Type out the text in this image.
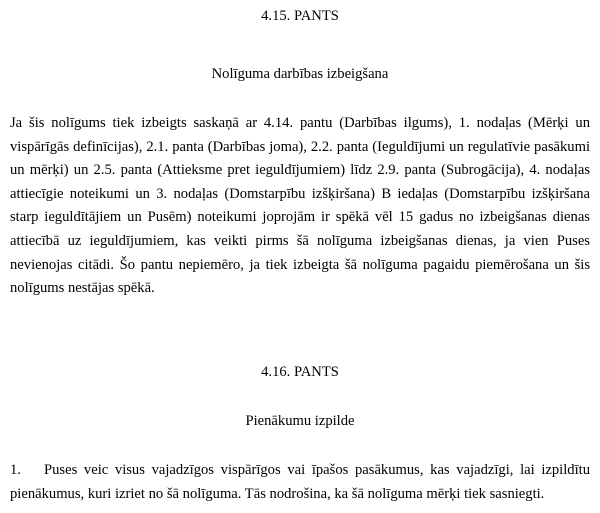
4.15. PANTS
Nolīguma darbības izbeigšana
Ja šis nolīgums tiek izbeigts saskaņā ar 4.14. pantu (Darbības ilgums), 1. nodaļas (Mērķi un vispārīgās definīcijas), 2.1. panta (Darbības joma), 2.2. panta (Ieguldījumi un regulatīvie pasākumi un mērķi) un 2.5. panta (Attieksme pret ieguldījumiem) līdz 2.9. panta (Subrogācija), 4. nodaļas attiecīgie noteikumi un 3. nodaļas (Domstarpību izšķiršana) B iedaļas (Domstarpību izšķiršana starp ieguldītājiem un Pusēm) noteikumi joprojām ir spēkā vēl 15 gadus no izbeigšanas dienas attiecībā uz ieguldījumiem, kas veikti pirms šā nolīguma izbeigšanas dienas, ja vien Puses nevienojas citādi. Šo pantu nepiemēro, ja tiek izbeigta šā nolīguma pagaidu piemērošana un šis nolīgums nestājas spēkā.
4.16. PANTS
Pienākumu izpilde
1.	Puses veic visus vajadzīgos vispārīgos vai īpašos pasākumus, kas vajadzīgi, lai izpildītu pienākumus, kuri izriet no šā nolīguma. Tās nodrošina, ka šā nolīguma mērķi tiek sasniegti.
